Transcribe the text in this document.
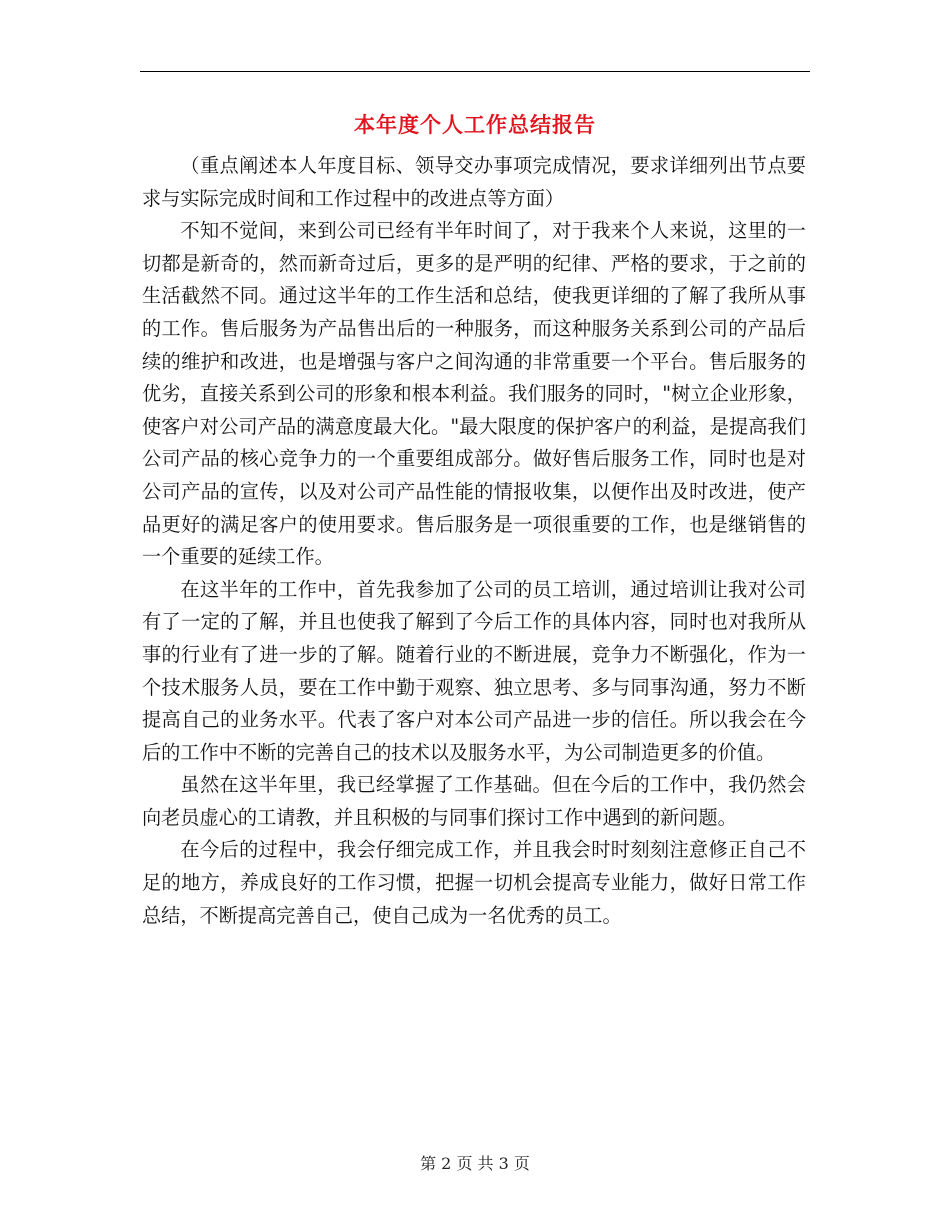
本年度个人工作总结报告

（重点阐述本人年度目标、领导交办事项完成情况，要求详细列出节点要求与实际完成时间和工作过程中的改进点等方面）

不知不觉间，来到公司已经有半年时间了，对于我来个人来说，这里的一切都是新奇的，然而新奇过后，更多的是严明的纪律、严格的要求，于之前的生活截然不同。通过这半年的工作生活和总结，使我更详细的了解了我所从事的工作。售后服务为产品售出后的一种服务，而这种服务关系到公司的产品后续的维护和改进，也是增强与客户之间沟通的非常重要一个平台。售后服务的优劣，直接关系到公司的形象和根本利益。我们服务的同时，"树立企业形象，使客户对公司产品的满意度最大化。"最大限度的保护客户的利益，是提高我们公司产品的核心竞争力的一个重要组成部分。做好售后服务工作，同时也是对公司产品的宣传，以及对公司产品性能的情报收集，以便作出及时改进，使产品更好的满足客户的使用要求。售后服务是一项很重要的工作，也是继销售的一个重要的延续工作。

在这半年的工作中，首先我参加了公司的员工培训，通过培训让我对公司有了一定的了解，并且也使我了解到了今后工作的具体内容，同时也对我所从事的行业有了进一步的了解。随着行业的不断进展，竞争力不断强化，作为一个技术服务人员，要在工作中勤于观察、独立思考、多与同事沟通，努力不断提高自己的业务水平。代表了客户对本公司产品进一步的信任。所以我会在今后的工作中不断的完善自己的技术以及服务水平，为公司制造更多的价值。

虽然在这半年里，我已经掌握了工作基础。但在今后的工作中，我仍然会向老员虚心的工请教，并且积极的与同事们探讨工作中遇到的新问题。

在今后的过程中，我会仔细完成工作，并且我会时时刻刻注意修正自己不足的地方，养成良好的工作习惯，把握一切机会提高专业能力，做好日常工作总结，不断提高完善自己，使自己成为一名优秀的员工。

第 2 页 共 3 页
